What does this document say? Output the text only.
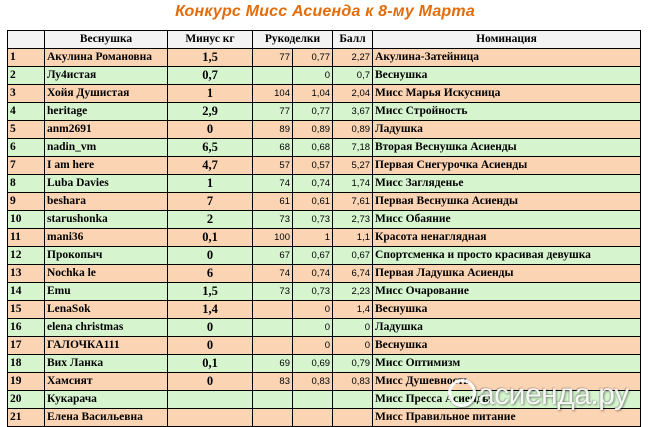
Конкурс Мисс Асиенда к 8-му Марта
	Веснушка	Минус кг	Рукоделки		Балл	Номинация
1	Акулина Романовна	1,5	77	0,77	2,27	Акулина-Затейница
2	Лу4истая	0,7		0	0,7	Веснушка
3	Хойя Душистая	1	104	1,04	2,04	Мисс Марья Искусница
4	heritage	2,9	77	0,77	3,67	Мисс Стройность
5	anm2691	0	89	0,89	0,89	Ладушка
6	nadin_vm	6,5	68	0,68	7,18	Вторая Веснушка Асиенды
7	I am here	4,7	57	0,57	5,27	Первая Снегурочка Асиенды
8	Luba Davies	1	74	0,74	1,74	Мисс Загляденье
9	beshara	7	61	0,61	7,61	Первая Веснушка Асиенды
10	starushonka	2	73	0,73	2,73	Мисс Обаяние
11	mani36	0,1	100	1	1,1	Красота ненаглядная
12	Прокопыч	0	67	0,67	0,67	Спортсменка и просто красивая девушка
13	Nochka le	6	74	0,74	6,74	Первая Ладушка Асиенды
14	Emu	1,5	73	0,73	2,23	Мисс Очарование
15	LenaSok	1,4		0	1,4	Веснушка
16	elena christmas	0		0	0	Ладушка
17	ГАЛОЧКА111	0		0	0	Веснушка
18	Вих Ланка	0,1	69	0,69	0,79	Мисс Оптимизм
19	Хамсият	0	83	0,83	0,83	Мисс Душевность
20	Кукарача					Мисс Пресса Асиенды
21	Елена Васильевна					Мисс Правильное питание
асиенда.ру
